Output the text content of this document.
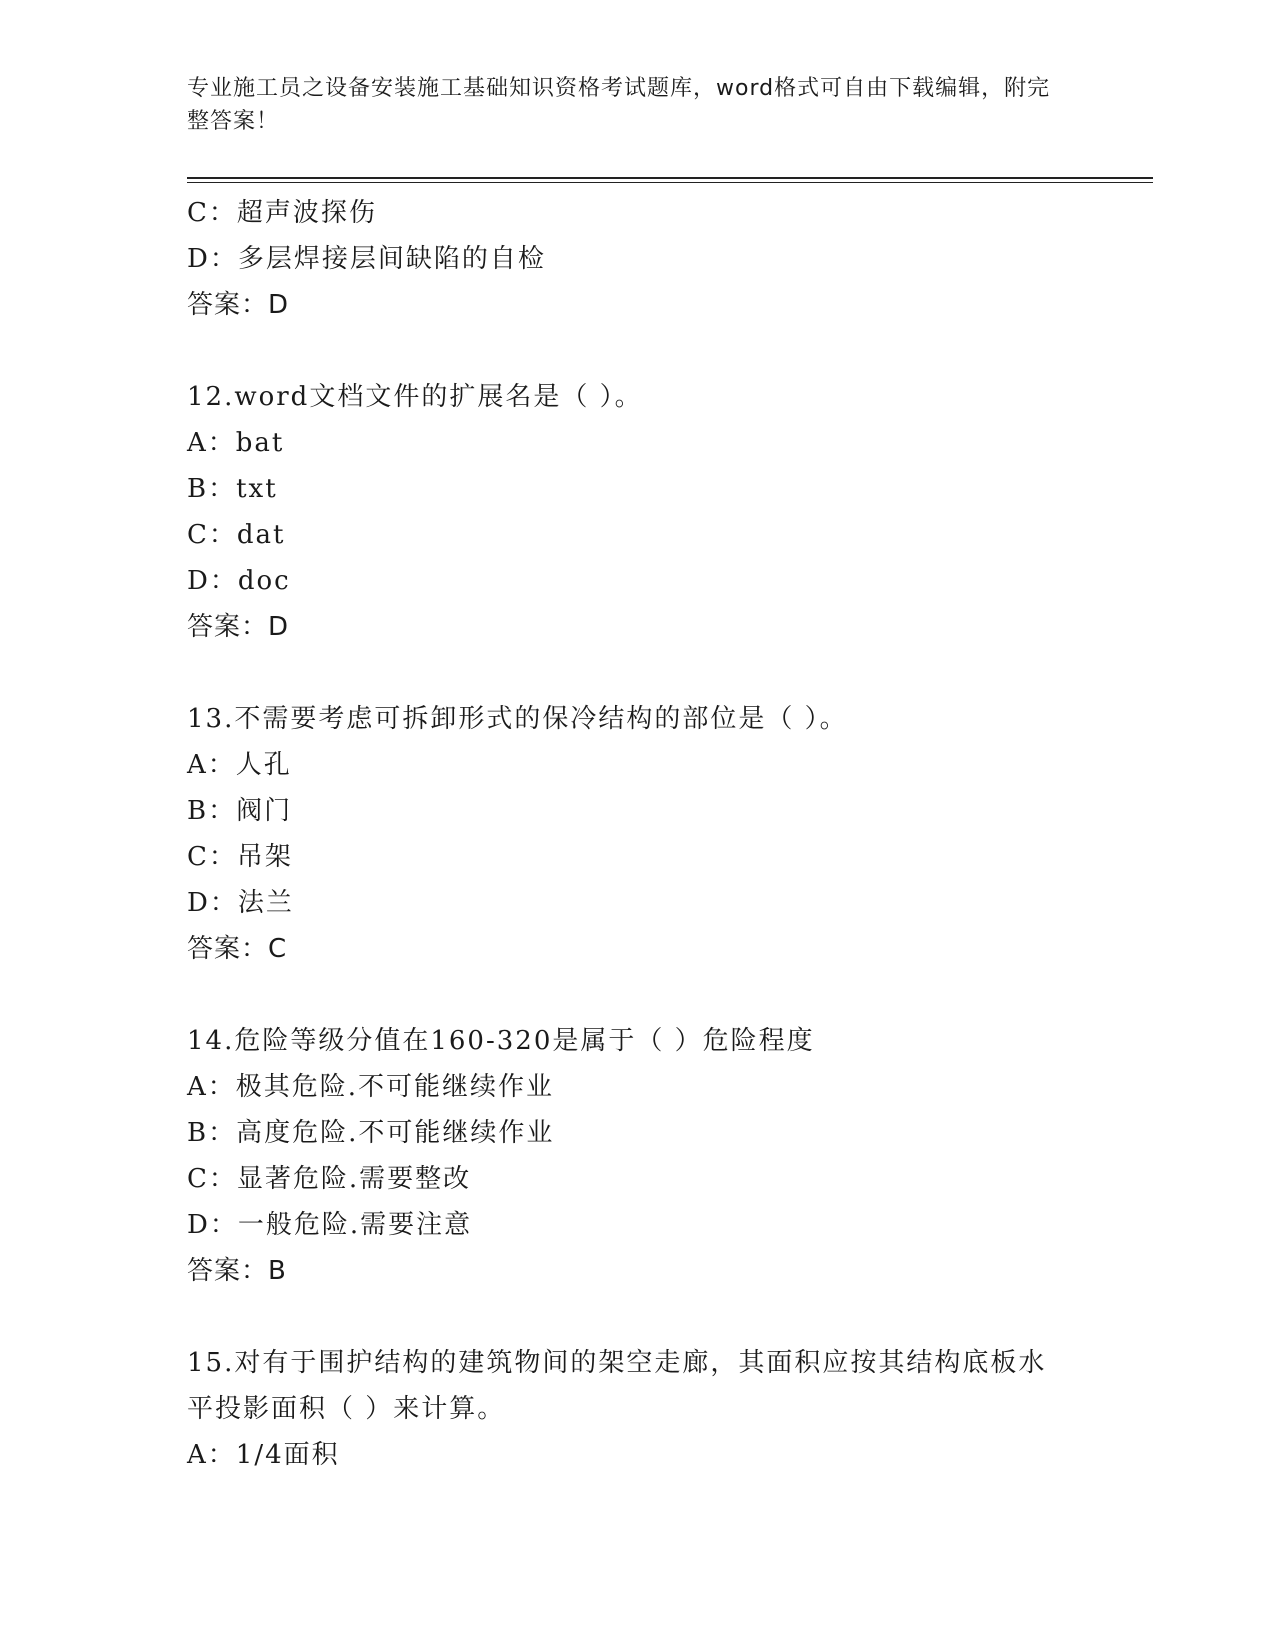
专业施工员之设备安装施工基础知识资格考试题库，word格式可自由下载编辑，附完整答案！
C：超声波探伤
D：多层焊接层间缺陷的自检
答案：D
12.word文档文件的扩展名是（ ）。
A：bat
B：txt
C：dat
D：doc
答案：D
13.不需要考虑可拆卸形式的保冷结构的部位是（ ）。
A：人孔
B：阀门
C：吊架
D：法兰
答案：C
14.危险等级分值在160-320是属于（ ）危险程度
A：极其危险.不可能继续作业
B：高度危险.不可能继续作业
C：显著危险.需要整改
D：一般危险.需要注意
答案：B
15.对有于围护结构的建筑物间的架空走廊，其面积应按其结构底板水平投影面积（ ）来计算。
A：1/4面积
